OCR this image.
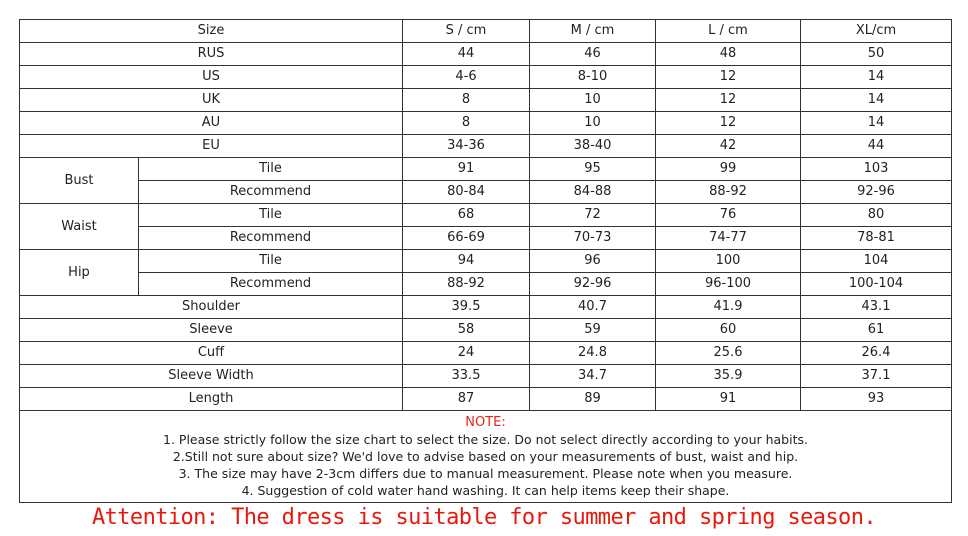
Size		S / cm	M / cm	L / cm	XL/cm
RUS		44	46	48	50
US		4-6	8-10	12	14
UK		8	10	12	14
AU		8	10	12	14
EU		34-36	38-40	42	44
Bust	Tile	91	95	99	103
	Recommend	80-84	84-88	88-92	92-96
Waist	Tile	68	72	76	80
	Recommend	66-69	70-73	74-77	78-81
Hip	Tile	94	96	100	104
	Recommend	88-92	92-96	96-100	100-104
Shoulder		39.5	40.7	41.9	43.1
Sleeve		58	59	60	61
Cuff		24	24.8	25.6	26.4
Sleeve Width		33.5	34.7	35.9	37.1
Length		87	89	91	93

NOTE:
1. Please strictly follow the size chart to select the size. Do not select directly according to your habits.
2.Still not sure about size? We'd love to advise based on your measurements of bust, waist and hip.
3. The size may have 2-3cm differs due to manual measurement. Please note when you measure.
4. Suggestion of cold water hand washing. It can help items keep their shape.					
Attention: The dress is suitable for summer and spring season.
